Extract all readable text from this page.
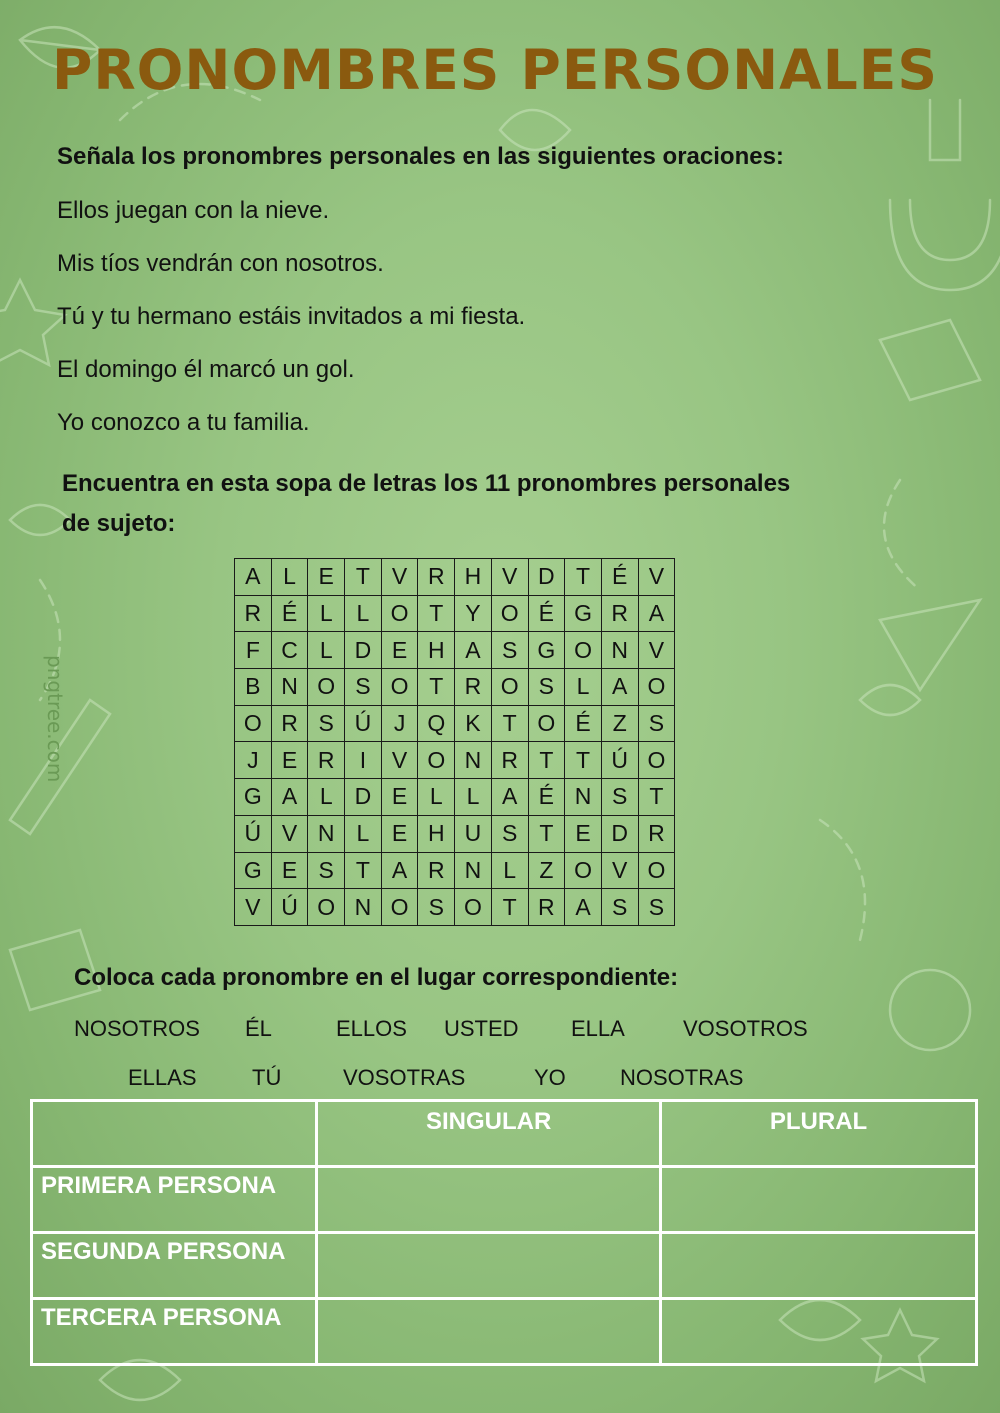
pngtree.com
PRONOMBRES PERSONALES
Señala los pronombres personales en las siguientes oraciones:
Ellos juegan con la nieve.
Mis tíos vendrán con nosotros.
Tú y tu hermano estáis invitados a mi fiesta.
El domingo él marcó un gol.
Yo conozco a tu familia.
Encuentra en esta sopa de letras los 11 pronombres personales
de sujeto:
A	L	E	T	V	R	H	V	D	T	É	V
R	É	L	L	O	T	Y	O	É	G	R	A
F	C	L	D	E	H	A	S	G	O	N	V
B	N	O	S	O	T	R	O	S	L	A	O
O	R	S	Ú	J	Q	K	T	O	É	Z	S
J	E	R	I	V	O	N	R	T	T	Ú	O
G	A	L	D	E	L	L	A	É	N	S	T
Ú	V	N	L	E	H	U	S	T	E	D	R
G	E	S	T	A	R	N	L	Z	O	V	O
V	Ú	O	N	O	S	O	T	R	A	S	S
Coloca cada pronombre en el lugar correspondiente:
NOSOTROS ÉL	ELLOS USTED ELLA	VOSOTROS
ELLAS	TÚ	VOSOTRAS	YO NOSOTRAS
	SINGULAR	PLURAL
PRIMERA PERSONA		
SEGUNDA PERSONA		
TERCERA PERSONA		
